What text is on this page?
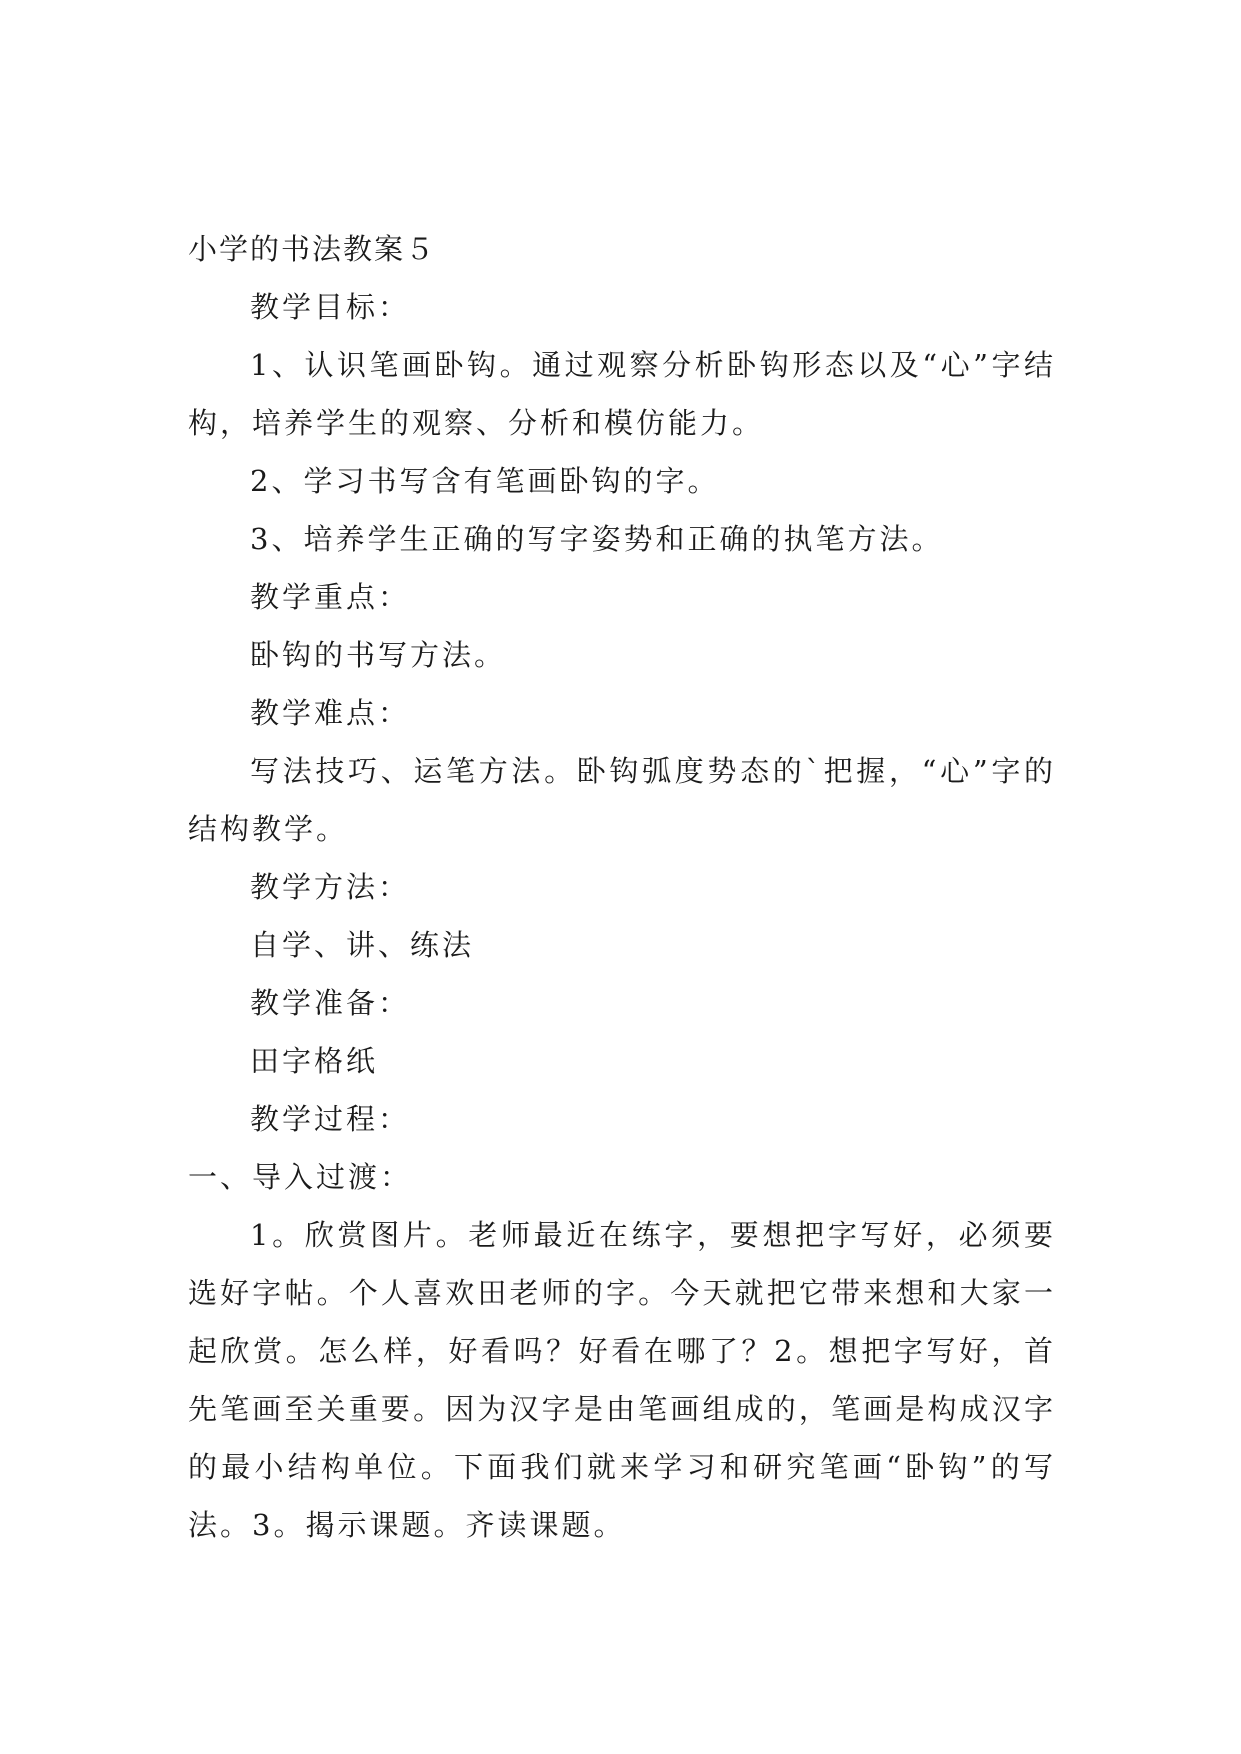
小学的书法教案５

教学目标：

1、认识笔画卧钩。通过观察分析卧钩形态以及“心”字结构，培养学生的观察、分析和模仿能力。

2、学习书写含有笔画卧钩的字。

3、培养学生正确的写字姿势和正确的执笔方法。

教学重点：

卧钩的书写方法。

教学难点：

写法技巧、运笔方法。卧钩弧度势态的`把握，“心”字的结构教学。

教学方法：

自学、讲、练法

教学准备：

田字格纸

教学过程：

一、导入过渡：

1。欣赏图片。老师最近在练字，要想把字写好，必须要选好字帖。个人喜欢田老师的字。今天就把它带来想和大家一起欣赏。怎么样，好看吗？好看在哪了？2。想把字写好，首先笔画至关重要。因为汉字是由笔画组成的，笔画是构成汉字的最小结构单位。下面我们就来学习和研究笔画“卧钩”的写法。3。揭示课题。齐读课题。
